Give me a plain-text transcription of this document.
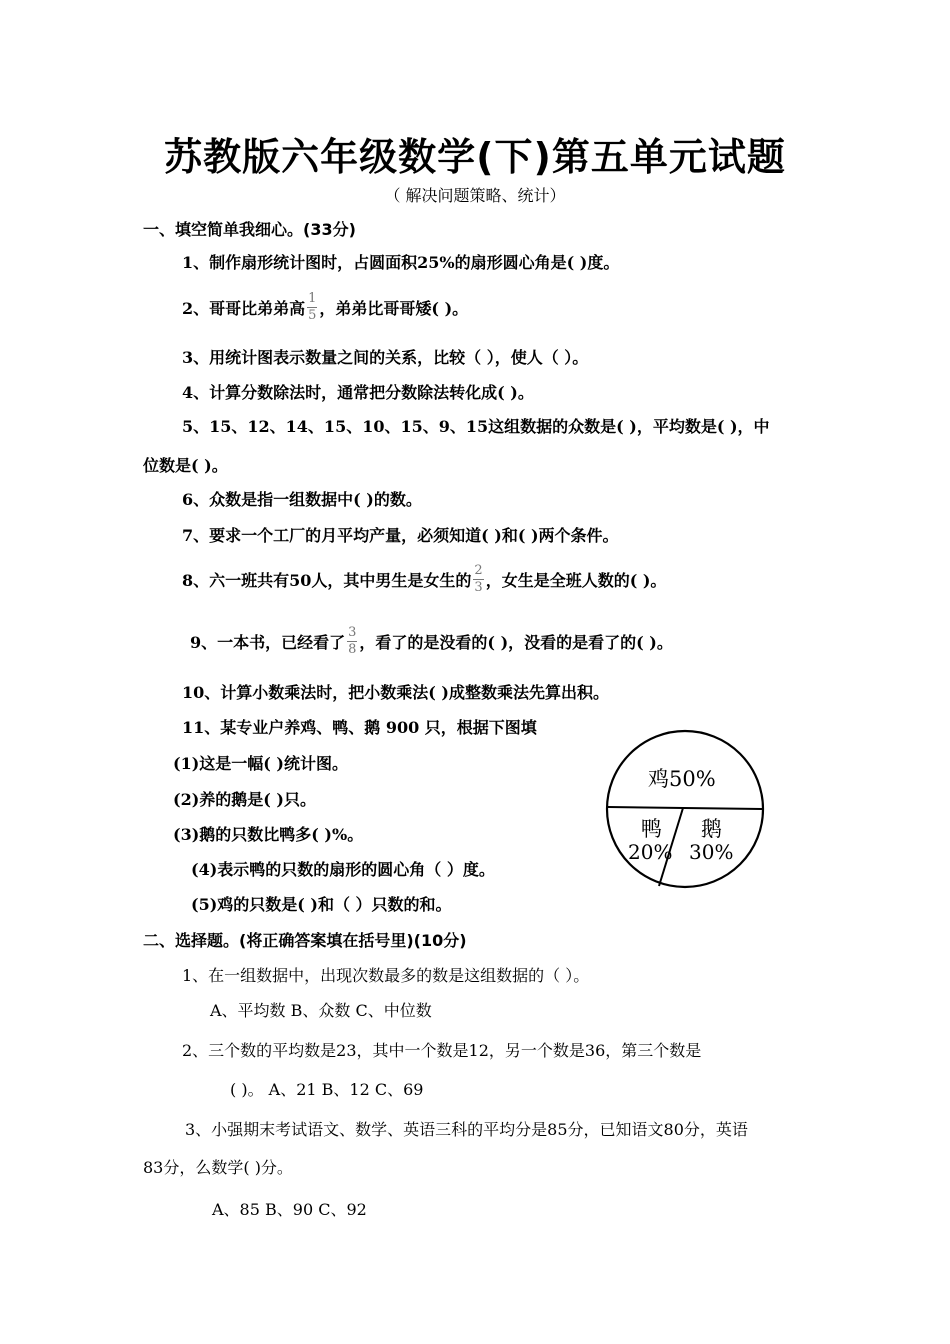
苏教版六年级数学(下)第五单元试题
（ 解决问题策略、统计）
一、填空简单我细心。(33分)
1、制作扇形统计图时，占圆面积25%的扇形圆心角是( )度。
2、哥哥比弟弟高 $\frac{1}{5}$ ，弟弟比哥哥矮( )。
3、用统计图表示数量之间的关系，比较（ ），使人（ ）。
4、计算分数除法时，通常把分数除法转化成( )。
5、15、12、14、15、10、15、9、15这组数据的众数是( )，平均数是( )，中
位数是( )。
6、众数是指一组数据中( )的数。
7、要求一个工厂的月平均产量，必须知道( )和( )两个条件。
8、六一班共有50人，其中男生是女生的 $\frac{2}{3}$ ，女生是全班人数的( )。
9、一本书，已经看了 $\frac{3}{8}$ ，看了的是没看的( )，没看的是看了的( )。
10、计算小数乘法时，把小数乘法( )成整数乘法先算出积。
11、某专业户养鸡、鸭、鹅 900 只，根据下图填
(1)这是一幅( )统计图。
(2)养的鹅是( )只。
(3)鹅的只数比鸭多( )%。
(4)表示鸭的只数的扇形的圆心角（ ）度。
(5)鸡的只数是( )和（ ）只数的和。
鸡50%
鸭
20%
鹅
30%
二、选择题。(将正确答案填在括号里)(10分)
1、在一组数据中，出现次数最多的数是这组数据的（ ）。
A、平均数 B、众数 C、中位数
2、三个数的平均数是23，其中一个数是12，另一个数是36，第三个数是
( )。 A、21 B、12 C、69
3、小强期末考试语文、数学、英语三科的平均分是85分，已知语文80分，英语
83分，么数学( )分。
A、85 B、90 C、92
